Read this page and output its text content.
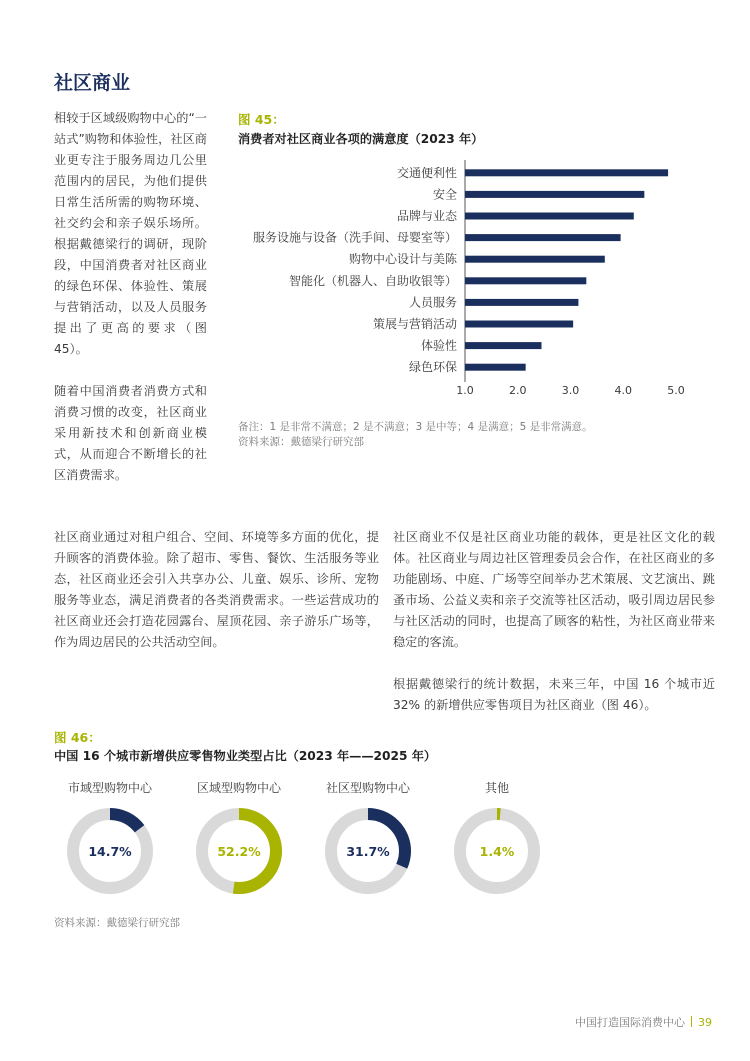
社区商业

相较于区域级购物中心的“一站式”购物和体验性，社区商业更专注于服务周边几公里范围内的居民，为他们提供日常生活所需的购物环境、社交约会和亲子娱乐场所。根据戴德梁行的调研，现阶段，中国消费者对社区商业的绿色环保、体验性、策展与营销活动，以及人员服务提出了更高的要求（图 45）。

随着中国消费者消费方式和消费习惯的改变，社区商业采用新技术和创新商业模式，从而迎合不断增长的社区消费需求。

图 45：
消费者对社区商业各项的满意度（2023 年）
交通便利性
安全
品牌与业态
服务设施与设备（洗手间、母婴室等）
购物中心设计与美陈
智能化（机器人、自助收银等）
人员服务
策展与营销活动
体验性
绿色环保
1.0	2.0	3.0	4.0	5.0
备注：1 是非常不满意；2 是不满意；3 是中等；4 是满意；5 是非常满意。
资料来源：戴德梁行研究部

社区商业通过对租户组合、空间、环境等多方面的优化，提升顾客的消费体验。除了超市、零售、餐饮、生活服务等业态，社区商业还会引入共享办公、儿童、娱乐、诊所、宠物服务等业态，满足消费者的各类消费需求。一些运营成功的社区商业还会打造花园露台、屋顶花园、亲子游乐广场等，作为周边居民的公共活动空间。

社区商业不仅是社区商业功能的载体，更是社区文化的载体。社区商业与周边社区管理委员会合作，在社区商业的多功能剧场、中庭、广场等空间举办艺术策展、文艺演出、跳蚤市场、公益义卖和亲子交流等社区活动，吸引周边居民参与社区活动的同时，也提高了顾客的粘性，为社区商业带来稳定的客流。

根据戴德梁行的统计数据，未来三年，中国 16 个城市近 32% 的新增供应零售项目为社区商业（图 46）。

图 46：
中国 16 个城市新增供应零售物业类型占比（2023 年——2025 年）
市域型购物中心
14.7%
区域型购物中心
52.2%
社区型购物中心
31.7%
其他
1.4%
资料来源：戴德梁行研究部
中国打造国际消费中心 39
